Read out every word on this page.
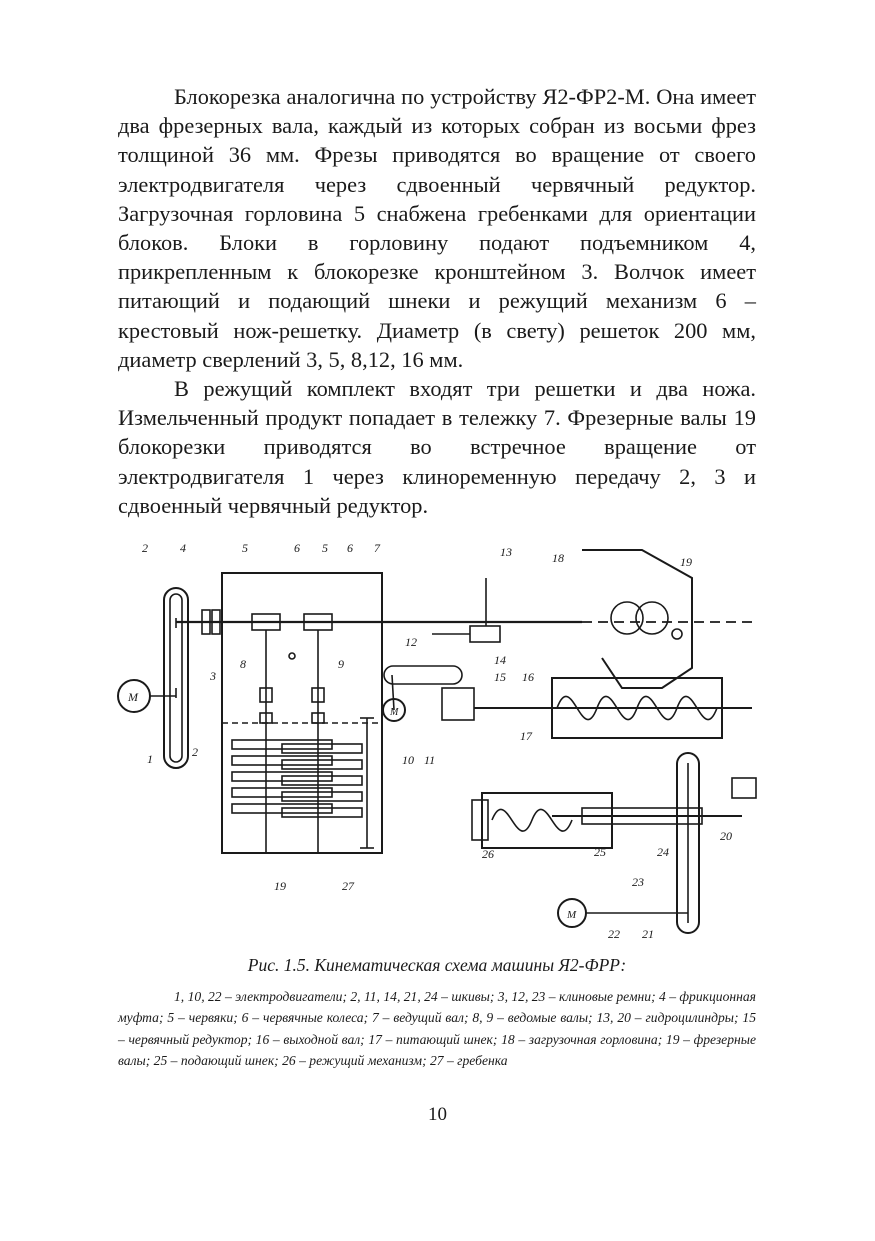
Блокорезка аналогична по устройству Я2-ФР2-М. Она имеет два фрезерных вала, каждый из которых собран из восьми фрез толщиной 36 мм. Фрезы приводятся во вращение от своего электродвигателя через сдвоенный червячный редуктор. Загрузочная горловина 5 снабжена гребенками для ориентации блоков. Блоки в горловину подают подъемником 4, прикрепленным к блокорезке кронштейном 3. Волчок имеет питающий и подающий шнеки и режущий механизм 6 – крестовый нож-решетку. Диаметр (в свету) решеток 200 мм, диаметр сверлений 3, 5, 8,12, 16 мм.

В режущий комплект входят три решетки и два ножа. Измельченный продукт попадает в тележку 7. Фрезерные валы 19 блокорезки приводятся во встречное вращение от электродвигателя 1 через клиноременную передачу 2, 3 и сдвоенный червячный редуктор.

M
M
M
2	4	5	6 5 6 7
3
2
1
8	9
10 11
12
13
14
15 16
17
18	19
19	27
26	25	24
23
20
22 21
Рис. 1.5. Кинематическая схема машины Я2-ФРР:
1, 10, 22 – электродвигатели; 2, 11, 14, 21, 24 – шкивы; 3, 12, 23 – клиновые ремни; 4 – фрикционная муфта; 5 – червяки; 6 – червячные колеса; 7 – ведущий вал; 8, 9 – ведомые валы; 13, 20 – гидроцилиндры; 15 – червячный редуктор; 16 – выходной вал; 17 – питающий шнек; 18 – загрузочная горловина; 19 – фрезерные валы; 25 – подающий шнек; 26 – режущий механизм; 27 – гребенка
10
